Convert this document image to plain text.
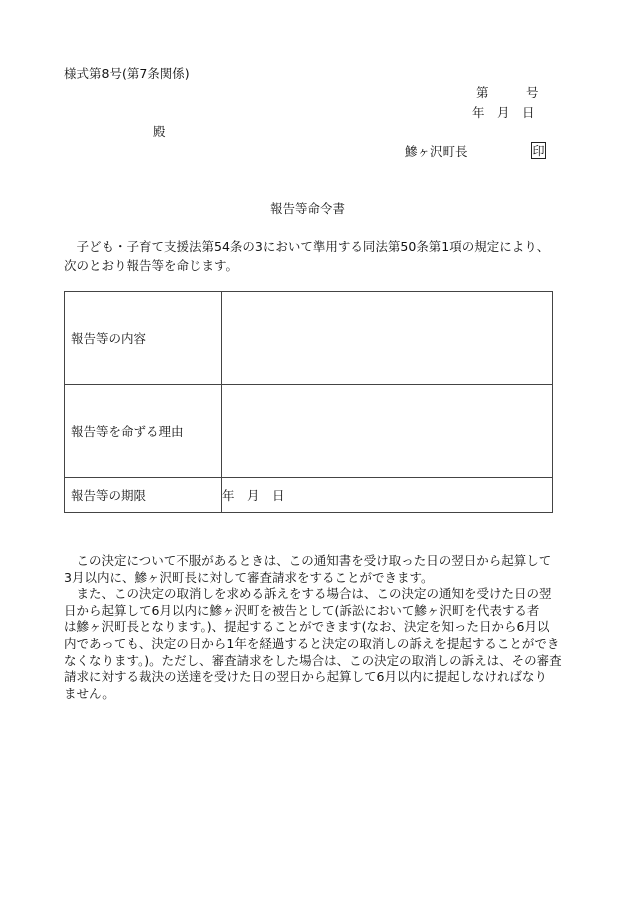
様式第8号(第7条関係)
第　　　号
年　月　日
殿
鰺ヶ沢町長	印
報告等命令書
　子ども・子育て支援法第54条の3において準用する同法第50条第1項の規定により、
次のとおり報告等を命じます。
報告等の内容	
報告等を命ずる理由	
報告等の期限	年　月　日
　この決定について不服があるときは、この通知書を受け取った日の翌日から起算して
3月以内に、鰺ヶ沢町長に対して審査請求をすることができます。
　また、この決定の取消しを求める訴えをする場合は、この決定の通知を受けた日の翌
日から起算して6月以内に鰺ヶ沢町を被告として(訴訟において鰺ヶ沢町を代表する者
は鰺ヶ沢町長となります。)、提起することができます(なお、決定を知った日から6月以
内であっても、決定の日から1年を経過すると決定の取消しの訴えを提起することができ
なくなります。)。ただし、審査請求をした場合は、この決定の取消しの訴えは、その審査
請求に対する裁決の送達を受けた日の翌日から起算して6月以内に提起しなければなり
ません。
